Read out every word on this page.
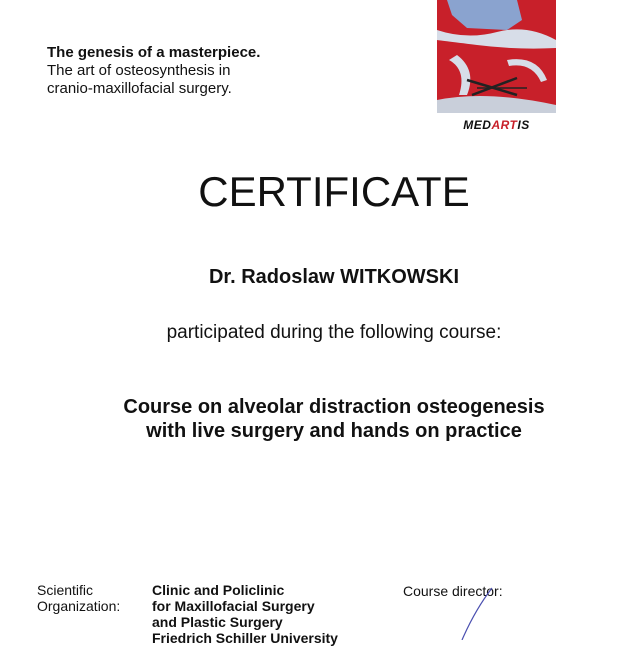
The genesis of a masterpiece.
The art of osteosynthesis in
cranio-maxillofacial surgery.
MEDARTIS
CERTIFICATE
Dr. Radoslaw WITKOWSKI
participated during the following course:
Course on alveolar distraction osteogenesis
with live surgery and hands on practice
Scientific
Organization:
Clinic and Policlinic
for Maxillofacial Surgery
and Plastic Surgery
Friedrich Schiller University
Course director:
